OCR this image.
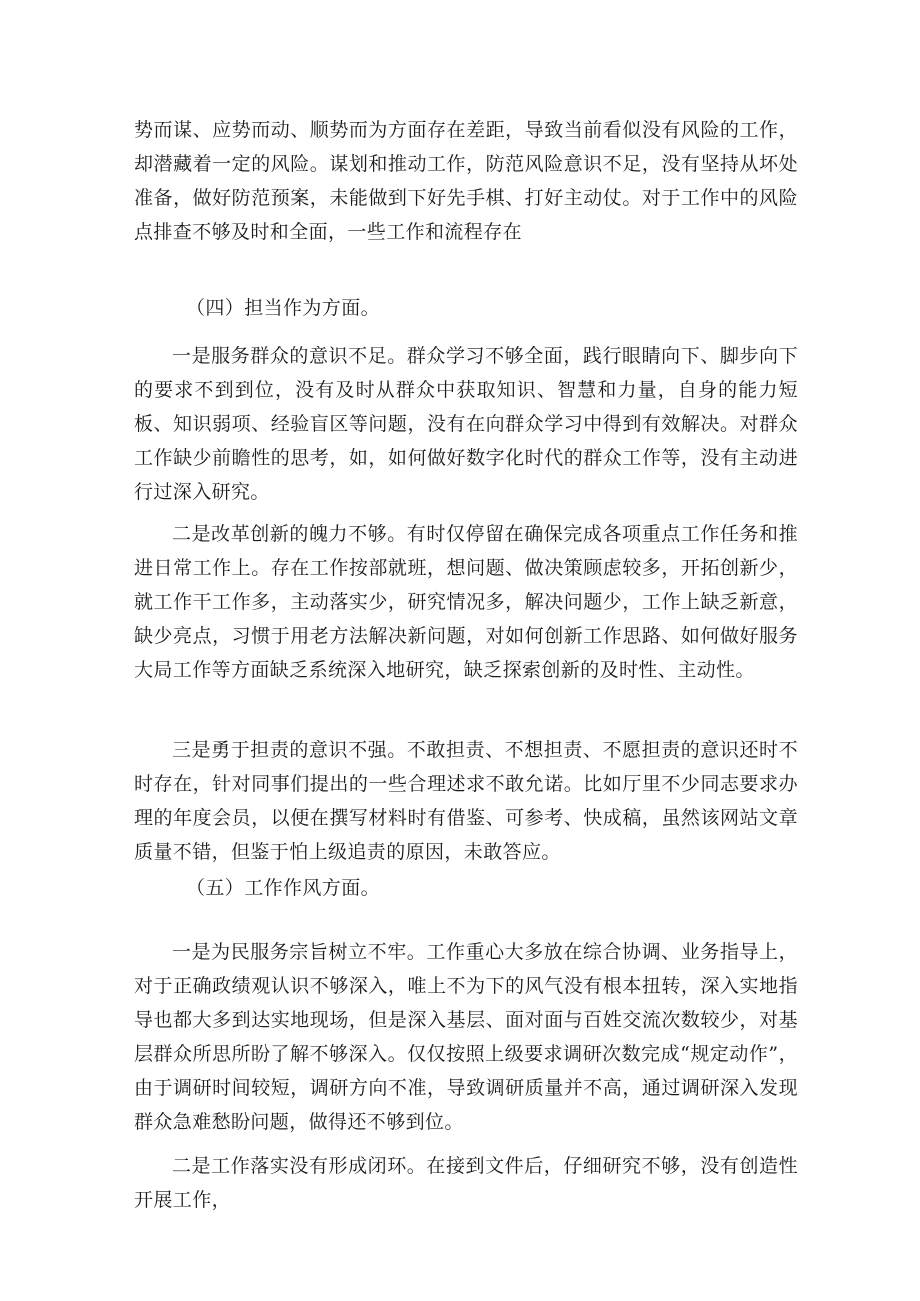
势而谋、应势而动、顺势而为方面存在差距，导致当前看似没有风险的工作，却潜藏着一定的风险。谋划和推动工作，防范风险意识不足，没有坚持从坏处准备，做好防范预案，未能做到下好先手棋、打好主动仗。对于工作中的风险点排查不够及时和全面，一些工作和流程存在

（四）担当作为方面。

一是服务群众的意识不足。群众学习不够全面，践行眼睛向下、脚步向下的要求不到到位，没有及时从群众中获取知识、智慧和力量，自身的能力短板、知识弱项、经验盲区等问题，没有在向群众学习中得到有效解决。对群众工作缺少前瞻性的思考，如，如何做好数字化时代的群众工作等，没有主动进行过深入研究。

二是改革创新的魄力不够。有时仅停留在确保完成各项重点工作任务和推进日常工作上。存在工作按部就班，想问题、做决策顾虑较多，开拓创新少，就工作干工作多，主动落实少，研究情况多，解决问题少，工作上缺乏新意，缺少亮点，习惯于用老方法解决新问题，对如何创新工作思路、如何做好服务大局工作等方面缺乏系统深入地研究，缺乏探索创新的及时性、主动性。

三是勇于担责的意识不强。不敢担责、不想担责、不愿担责的意识还时不时存在，针对同事们提出的一些合理述求不敢允诺。比如厅里不少同志要求办理的年度会员，以便在撰写材料时有借鉴、可参考、快成稿，虽然该网站文章质量不错，但鉴于怕上级追责的原因，未敢答应。

（五）工作作风方面。

一是为民服务宗旨树立不牢。工作重心大多放在综合协调、业务指导上，对于正确政绩观认识不够深入，唯上不为下的风气没有根本扭转，深入实地指导也都大多到达实地现场，但是深入基层、面对面与百姓交流次数较少，对基层群众所思所盼了解不够深入。仅仅按照上级要求调研次数完成“规定动作”，由于调研时间较短，调研方向不准，导致调研质量并不高，通过调研深入发现群众急难愁盼问题，做得还不够到位。

二是工作落实没有形成闭环。在接到文件后，仔细研究不够，没有创造性开展工作，
